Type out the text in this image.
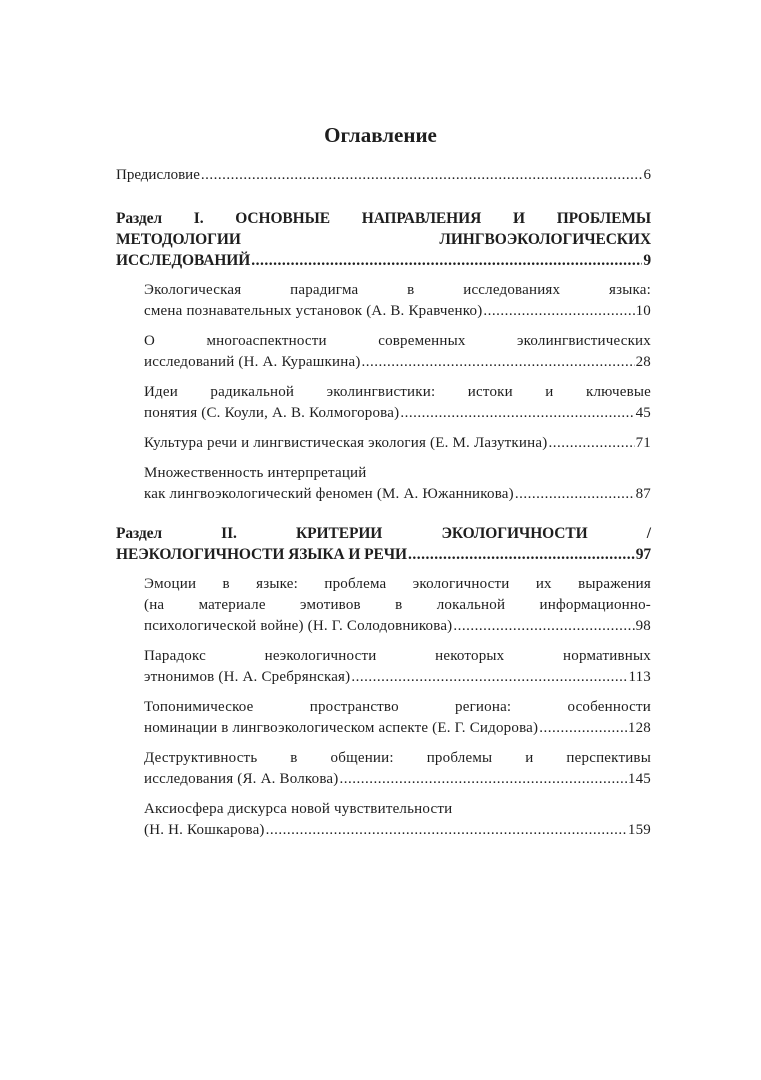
Оглавление
Предисловие .....	6
Раздел I. ОСНОВНЫЕ НАПРАВЛЕНИЯ И ПРОБЛЕМЫ
МЕТОДОЛОГИИ ЛИНГВОЭКОЛОГИЧЕСКИХ
ИССЛЕДОВАНИЙ .....	9
Экологическая парадигма в исследованиях языка:
смена познавательных установок (А. В. Кравченко) .....	10
О многоаспектности современных эколингвистических
исследований (Н. А. Курашкина) .....	28
Идеи радикальной эколингвистики: истоки и ключевые
понятия (С. Коули, А. В. Колмогорова) .....	45
Культура речи и лингвистическая экология (Е. М. Лазуткина) .....	71
Множественность интерпретаций
как лингвоэкологический феномен (М. А. Южанникова) .....	87
Раздел II. КРИТЕРИИ ЭКОЛОГИЧНОСТИ /
НЕЭКОЛОГИЧНОСТИ ЯЗЫКА И РЕЧИ .....	97
Эмоции в языке: проблема экологичности их выражения
(на материале эмотивов в локальной информационно-
психологической войне) (Н. Г. Солодовникова) .....	98
Парадокс неэкологичности некоторых нормативных
этнонимов (Н. А. Сребрянская) .....	113
Топонимическое пространство региона: особенности
номинации в лингвоэкологическом аспекте (Е. Г. Сидорова) .....	128
Деструктивность в общении: проблемы и перспективы
исследования (Я. А. Волкова) .....	145
Аксиосфера дискурса новой чувствительности
(Н. Н. Кошкарова) .....	159
